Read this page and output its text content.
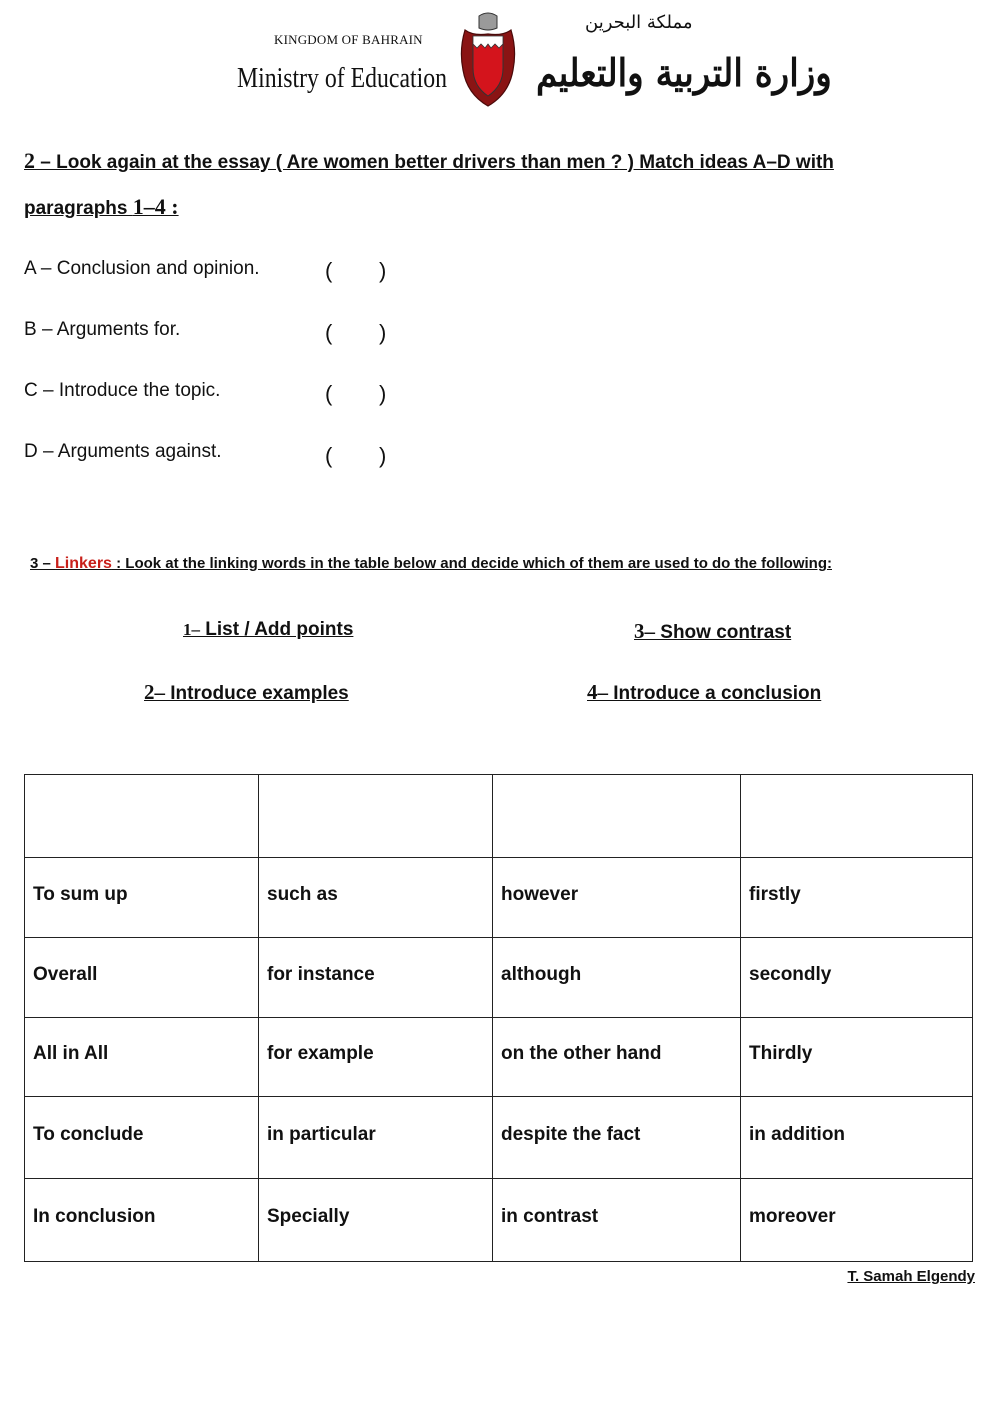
KINGDOM OF BAHRAIN
Ministry of Education
مملكة البحرين
وزارة التربية والتعليم
2 – Look again at the essay ( Are women better drivers than men ? ) Match ideas A–D with
paragraphs 1–4 :
A – Conclusion and opinion.	( )
B – Arguments for.	( )
C – Introduce the topic.	( )
D – Arguments against.	( )
3 – Linkers : Look at the linking words in the table below and decide which of them are used to do the following:
1– List / Add points
2– Introduce examples
3– Show contrast
4– Introduce a conclusion

To sum up	such as	however	firstly
Overall	for instance	although	secondly
All in All	for example	on the other hand	Thirdly
To conclude	in particular	despite the fact	in addition
In conclusion	Specially	in contrast	moreover
T. Samah Elgendy
